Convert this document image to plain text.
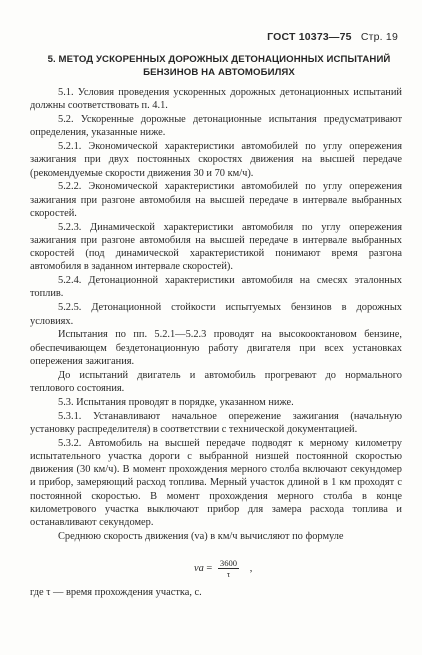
ГОСТ 10373—75 Стр. 19
5. МЕТОД УСКОРЕННЫХ ДОРОЖНЫХ ДЕТОНАЦИОННЫХ ИСПЫТАНИЙ БЕНЗИНОВ НА АВТОМОБИЛЯХ

5.1. Условия проведения ускоренных дорожных детонационных испытаний должны соответствовать п. 4.1.

5.2. Ускоренные дорожные детонационные испытания предусматривают определения, указанные ниже.

5.2.1. Экономической характеристики автомобилей по углу опережения зажигания при двух постоянных скоростях движения на высшей передаче (рекомендуемые скорости движения 30 и 70 км/ч).

5.2.2. Экономической характеристики автомобилей по углу опережения зажигания при разгоне автомобиля на высшей передаче в интервале выбранных скоростей.

5.2.3. Динамической характеристики автомобиля по углу опережения зажигания при разгоне автомобиля на высшей передаче в интервале выбранных скоростей (под динамической характеристикой понимают время разгона автомобиля в заданном интервале скоростей).

5.2.4. Детонационной характеристики автомобиля на смесях эталонных топлив.

5.2.5. Детонационной стойкости испытуемых бензинов в дорожных условиях.

Испытания по пп. 5.2.1—5.2.3 проводят на высокооктановом бензине, обеспечивающем бездетонационную работу двигателя при всех установках опережения зажигания.

До испытаний двигатель и автомобиль прогревают до нормального теплового состояния.

5.3. Испытания проводят в порядке, указанном ниже.

5.3.1. Устанавливают начальное опережение зажигания (начальную установку распределителя) в соответствии с технической документацией.

5.3.2. Автомобиль на высшей передаче подводят к мерному километру испытательного участка дороги с выбранной низшей постоянной скоростью движения (30 км/ч). В момент прохождения мерного столба включают секундомер и прибор, замеряющий расход топлива. Мерный участок длиной в 1 км проходят с постоянной скоростью. В момент прохождения мерного столба в конце километрового участка выключают прибор для замера расхода топлива и останавливают секундомер.

Среднюю скорость движения (vа) в км/ч вычисляют по формуле

vа = $\frac{3600}{\tau}$ ,
где τ — время прохождения участка, с.
